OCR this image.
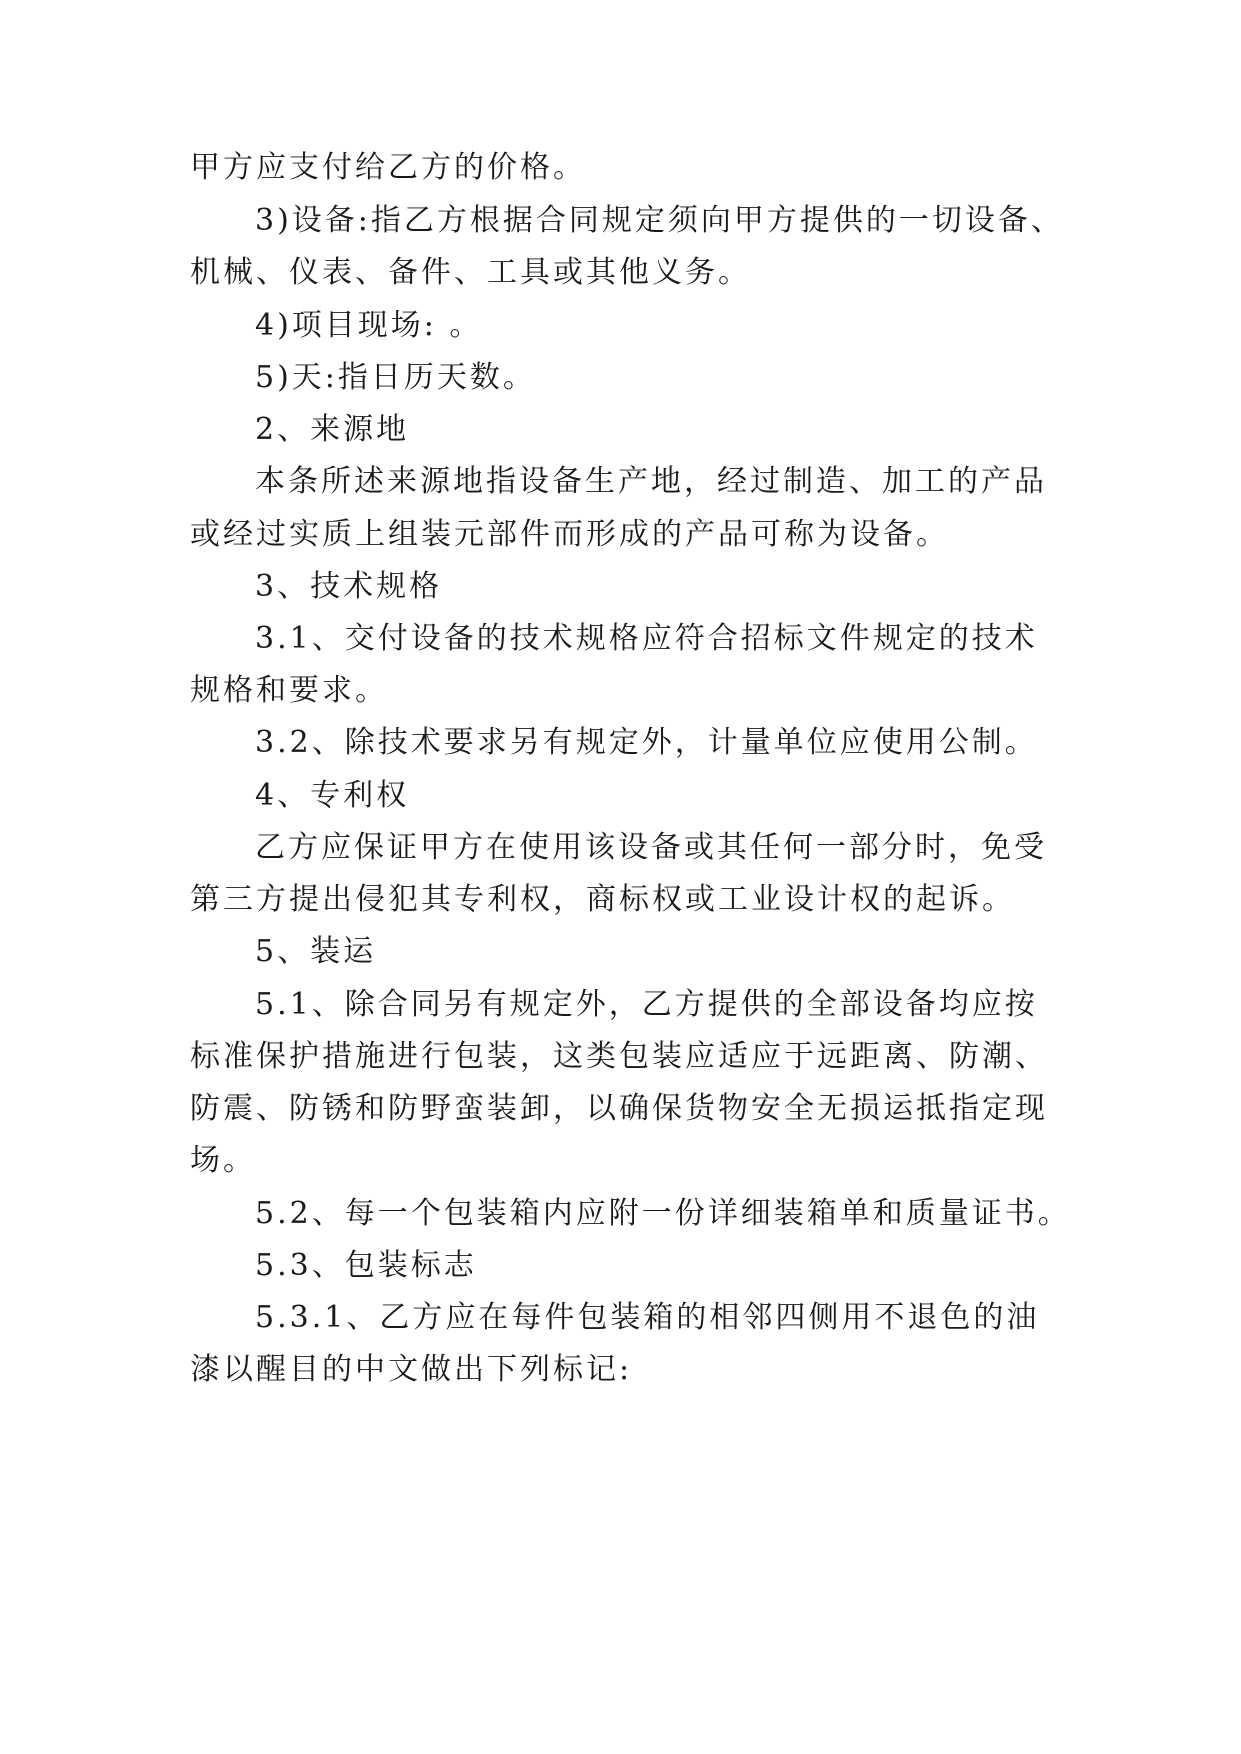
甲方应支付给乙方的价格。
3)设备:指乙方根据合同规定须向甲方提供的一切设备、
机械、仪表、备件、工具或其他义务。
4)项目现场: 。
5)天:指日历天数。
2、来源地
本条所述来源地指设备生产地，经过制造、加工的产品
或经过实质上组装元部件而形成的产品可称为设备。
3、技术规格
3.1、交付设备的技术规格应符合招标文件规定的技术
规格和要求。
3.2、除技术要求另有规定外，计量单位应使用公制。
4、专利权
乙方应保证甲方在使用该设备或其任何一部分时，免受
第三方提出侵犯其专利权，商标权或工业设计权的起诉。
5、装运
5.1、除合同另有规定外，乙方提供的全部设备均应按
标准保护措施进行包装，这类包装应适应于远距离、防潮、
防震、防锈和防野蛮装卸，以确保货物安全无损运抵指定现
场。
5.2、每一个包装箱内应附一份详细装箱单和质量证书。
5.3、包装标志
5.3.1、乙方应在每件包装箱的相邻四侧用不退色的油
漆以醒目的中文做出下列标记:
